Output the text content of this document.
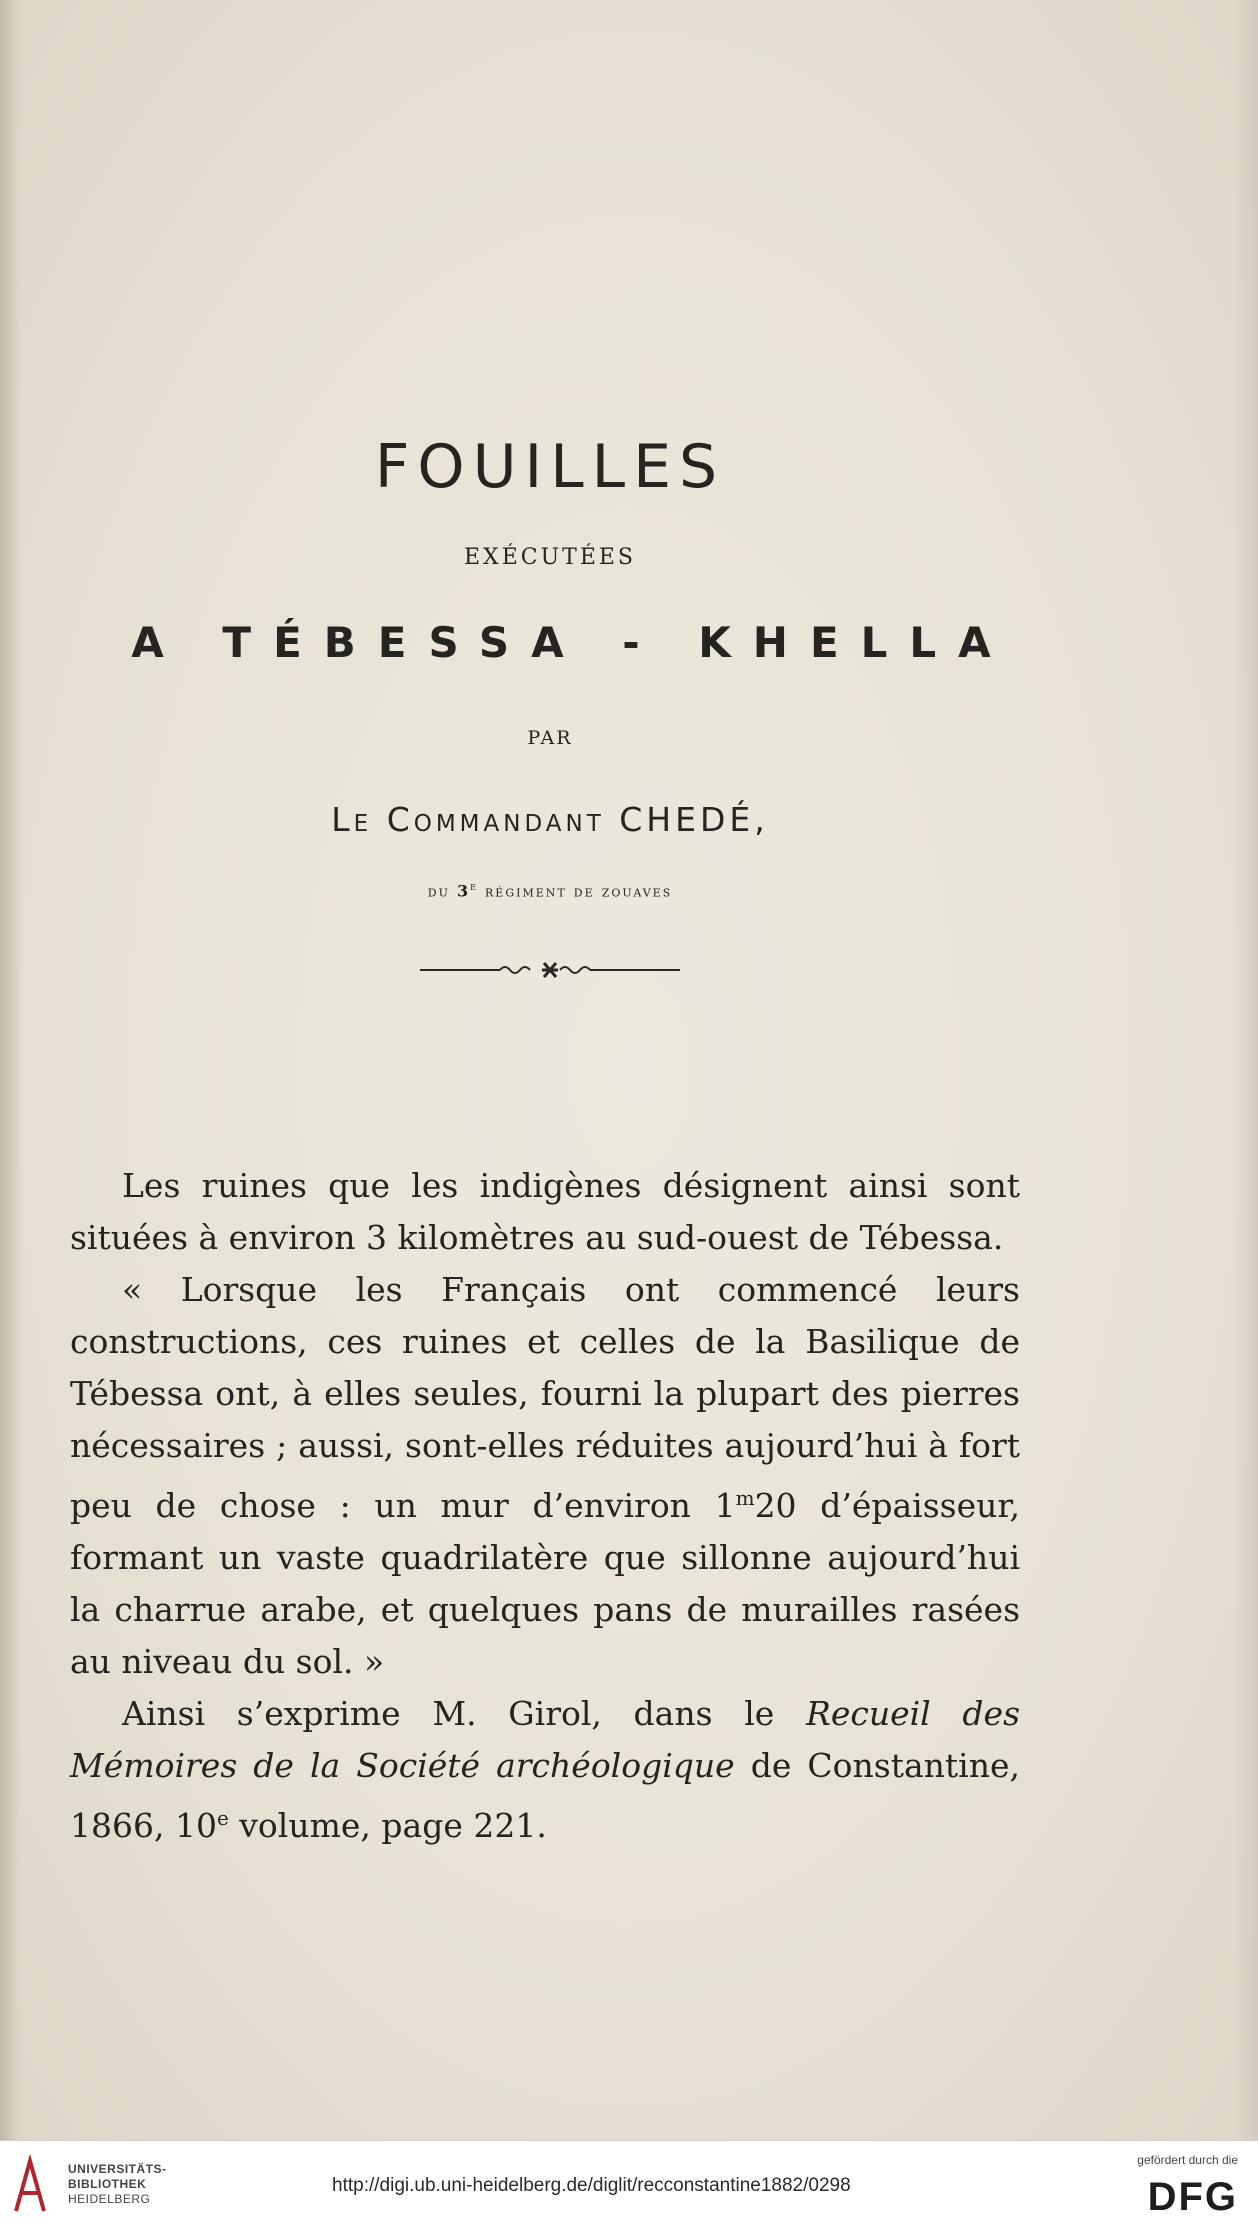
FOUILLES
EXÉCUTÉES
A TÉBESSA - KHELLA
PAR
Le Commandant CHEDÉ,
du 3e régiment de zouaves

Les ruines que les indigènes désignent ainsi sont situées à environ 3 kilomètres au sud-ouest de Tébessa.

« Lorsque les Français ont commencé leurs constructions, ces ruines et celles de la Basilique de Tébessa ont, à elles seules, fourni la plupart des pierres nécessaires ; aussi, sont-elles réduites aujourd’hui à fort peu de chose : un mur d’environ 1$^m$20 d’épaisseur, formant un vaste quadrilatère que sillonne aujourd’hui la charrue arabe, et quelques pans de murailles rasées au niveau du sol. »

Ainsi s’exprime M. Girol, dans le Recueil des Mémoires de la Société archéologique de Constantine, 1866, 10e volume, page 221.

UNIVERSITÄTS-
BIBLIOTHEK
HEIDELBERG
http://digi.ub.uni-heidelberg.de/diglit/recconstantine1882/0298
gefördert durch die
DFG
